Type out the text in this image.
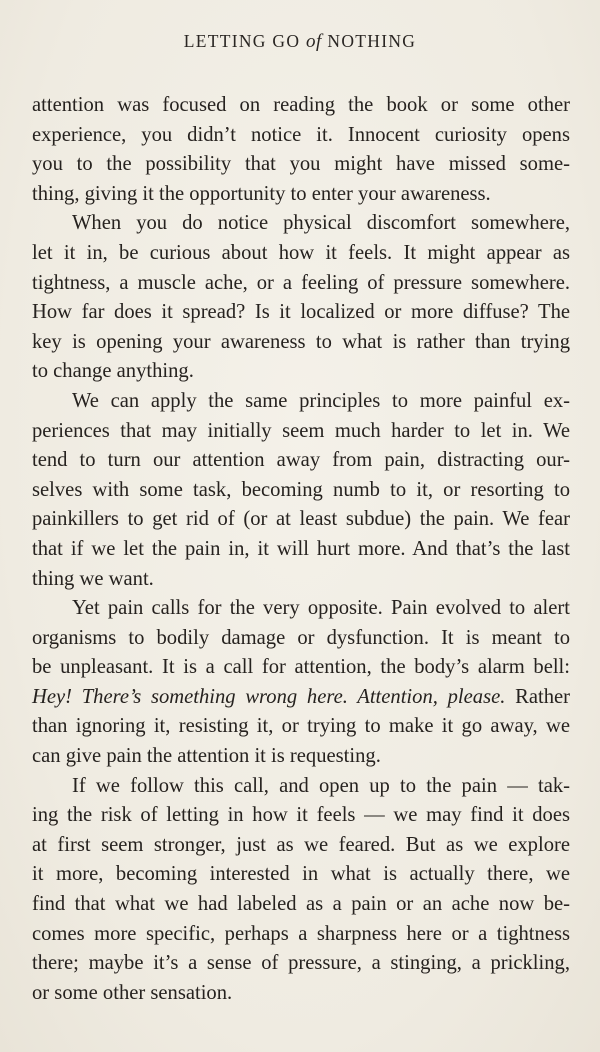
LETTING GO of NOTHING
attention was focused on reading the book or some other
experience, you didn’t notice it. Innocent curiosity opens
you to the possibility that you might have missed some-
thing, giving it the opportunity to enter your awareness.
When you do notice physical discomfort somewhere,
let it in, be curious about how it feels. It might appear as
tightness, a muscle ache, or a feeling of pressure somewhere.
How far does it spread? Is it localized or more diffuse? The
key is opening your awareness to what is rather than trying
to change anything.
We can apply the same principles to more painful ex-
periences that may initially seem much harder to let in. We
tend to turn our attention away from pain, distracting our-
selves with some task, becoming numb to it, or resorting to
painkillers to get rid of (or at least subdue) the pain. We fear
that if we let the pain in, it will hurt more. And that’s the last
thing we want.
Yet pain calls for the very opposite. Pain evolved to alert
organisms to bodily damage or dysfunction. It is meant to
be unpleasant. It is a call for attention, the body’s alarm bell:
Hey! There’s something wrong here. Attention, please. Rather
than ignoring it, resisting it, or trying to make it go away, we
can give pain the attention it is requesting.
If we follow this call, and open up to the pain — tak-
ing the risk of letting in how it feels — we may find it does
at first seem stronger, just as we feared. But as we explore
it more, becoming interested in what is actually there, we
find that what we had labeled as a pain or an ache now be-
comes more specific, perhaps a sharpness here or a tightness
there; maybe it’s a sense of pressure, a stinging, a prickling,
or some other sensation.
